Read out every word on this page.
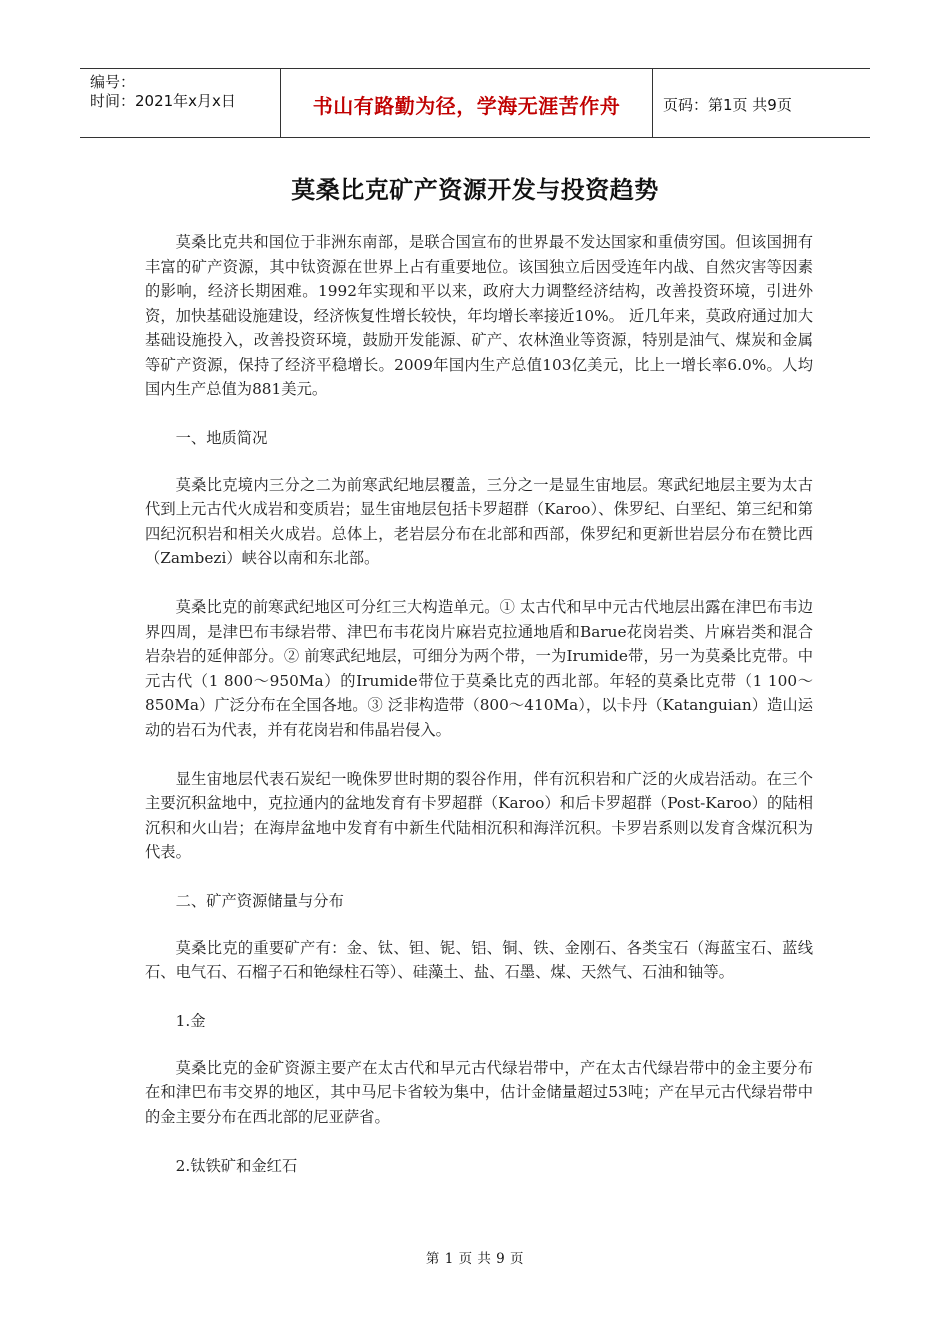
编号：
时间：2021年x月x日	书山有路勤为径，学海无涯苦作舟	页码：第1页 共9页
莫桑比克矿产资源开发与投资趋势

莫桑比克共和国位于非洲东南部，是联合国宣布的世界最不发达国家和重债穷国。但该国拥有丰富的矿产资源，其中钛资源在世界上占有重要地位。该国独立后因受连年内战、自然灾害等因素的影响，经济长期困难。1992年实现和平以来，政府大力调整经济结构，改善投资环境，引进外资，加快基础设施建设，经济恢复性增长较快，年均增长率接近10%。 近几年来，莫政府通过加大基础设施投入，改善投资环境，鼓励开发能源、矿产、农林渔业等资源，特别是油气、煤炭和金属等矿产资源，保持了经济平稳增长。2009年国内生产总值103亿美元，比上一增长率6.0%。人均国内生产总值为881美元。

一、地质简况

莫桑比克境内三分之二为前寒武纪地层覆盖，三分之一是显生宙地层。寒武纪地层主要为太古代到上元古代火成岩和变质岩；显生宙地层包括卡罗超群（Karoo）、侏罗纪、白垩纪、第三纪和第四纪沉积岩和相关火成岩。总体上，老岩层分布在北部和西部，侏罗纪和更新世岩层分布在赞比西（Zambezi）峡谷以南和东北部。

莫桑比克的前寒武纪地区可分红三大构造单元。① 太古代和早中元古代地层出露在津巴布韦边界四周，是津巴布韦绿岩带、津巴布韦花岗片麻岩克拉通地盾和Barue花岗岩类、片麻岩类和混合岩杂岩的延伸部分。② 前寒武纪地层，可细分为两个带，一为Irumide带，另一为莫桑比克带。中元古代（1 800～950Ma）的Irumide带位于莫桑比克的西北部。年轻的莫桑比克带（1 100～850Ma）广泛分布在全国各地。③ 泛非构造带（800～410Ma），以卡丹（Katanguian）造山运动的岩石为代表，并有花岗岩和伟晶岩侵入。

显生宙地层代表石炭纪一晚侏罗世时期的裂谷作用，伴有沉积岩和广泛的火成岩活动。在三个主要沉积盆地中，克拉通内的盆地发育有卡罗超群（Karoo）和后卡罗超群（Post-Karoo）的陆相沉积和火山岩；在海岸盆地中发育有中新生代陆相沉积和海洋沉积。卡罗岩系则以发育含煤沉积为代表。

二、矿产资源储量与分布

莫桑比克的重要矿产有：金、钛、钽、铌、铝、铜、铁、金刚石、各类宝石（海蓝宝石、蓝线石、电气石、石榴子石和铯绿柱石等）、硅藻土、盐、石墨、煤、天然气、石油和铀等。

1.金

莫桑比克的金矿资源主要产在太古代和早元古代绿岩带中，产在太古代绿岩带中的金主要分布在和津巴布韦交界的地区，其中马尼卡省较为集中，估计金储量超过53吨；产在早元古代绿岩带中的金主要分布在西北部的尼亚萨省。

2.钛铁矿和金红石

第 1 页 共 9 页
